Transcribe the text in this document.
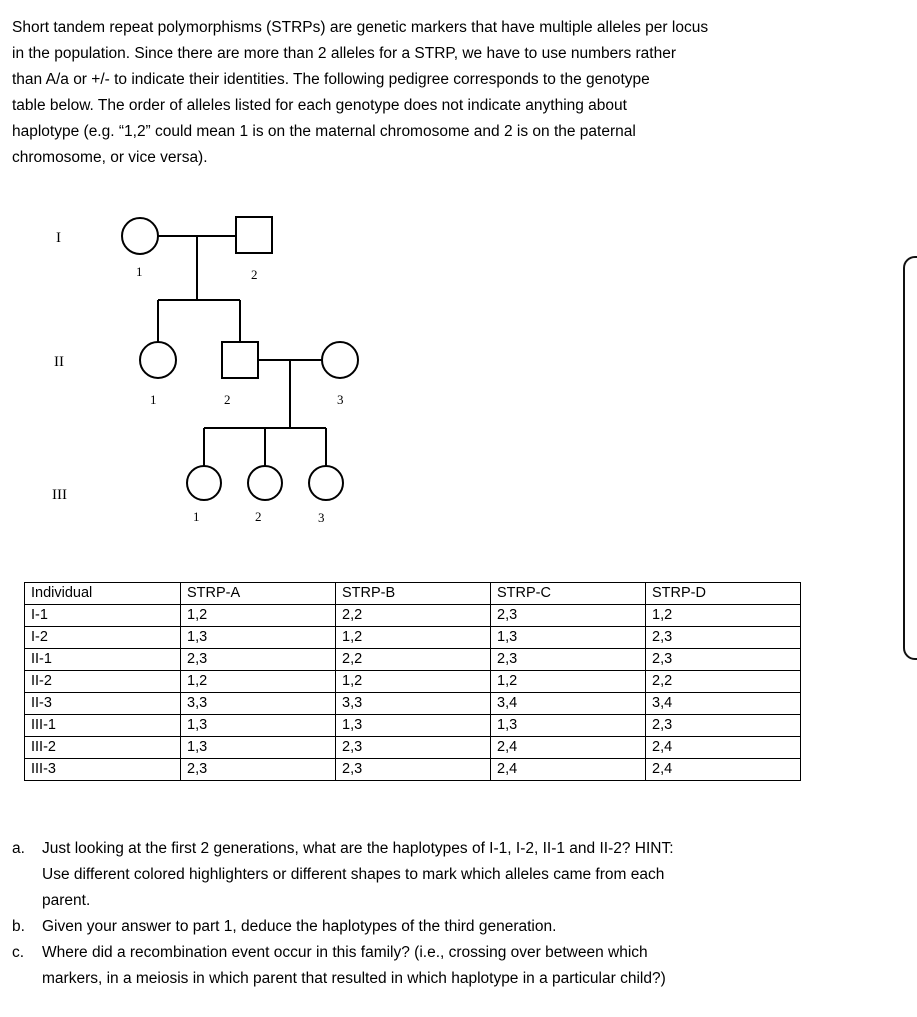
Short tandem repeat polymorphisms (STRPs) are genetic markers that have multiple alleles per locus
in the population. Since there are more than 2 alleles for a STRP, we have to use numbers rather
than A/a or +/- to indicate their identities. The following pedigree corresponds to the genotype
table below. The order of alleles listed for each genotype does not indicate anything about
haplotype (e.g. “1,2” could mean 1 is on the maternal chromosome and 2 is on the paternal
chromosome, or vice versa).
I
II
III
1	2
1	2	3
1	2	3
Individual	STRP-A	STRP-B	STRP-C	STRP-D
I-1	1,2	2,2	2,3	1,2
I-2	1,3	1,2	1,3	2,3
II-1	2,3	2,2	2,3	2,3
II-2	1,2	1,2	1,2	2,2
II-3	3,3	3,3	3,4	3,4
III-1	1,3	1,3	1,3	2,3
III-2	1,3	2,3	2,4	2,4
III-3	2,3	2,3	2,4	2,4
a. Just looking at the first 2 generations, what are the haplotypes of I-1, I-2, II-1 and II-2? HINT:
Use different colored highlighters or different shapes to mark which alleles came from each
parent.
b. Given your answer to part 1, deduce the haplotypes of the third generation.
c. Where did a recombination event occur in this family? (i.e., crossing over between which
markers, in a meiosis in which parent that resulted in which haplotype in a particular child?)
